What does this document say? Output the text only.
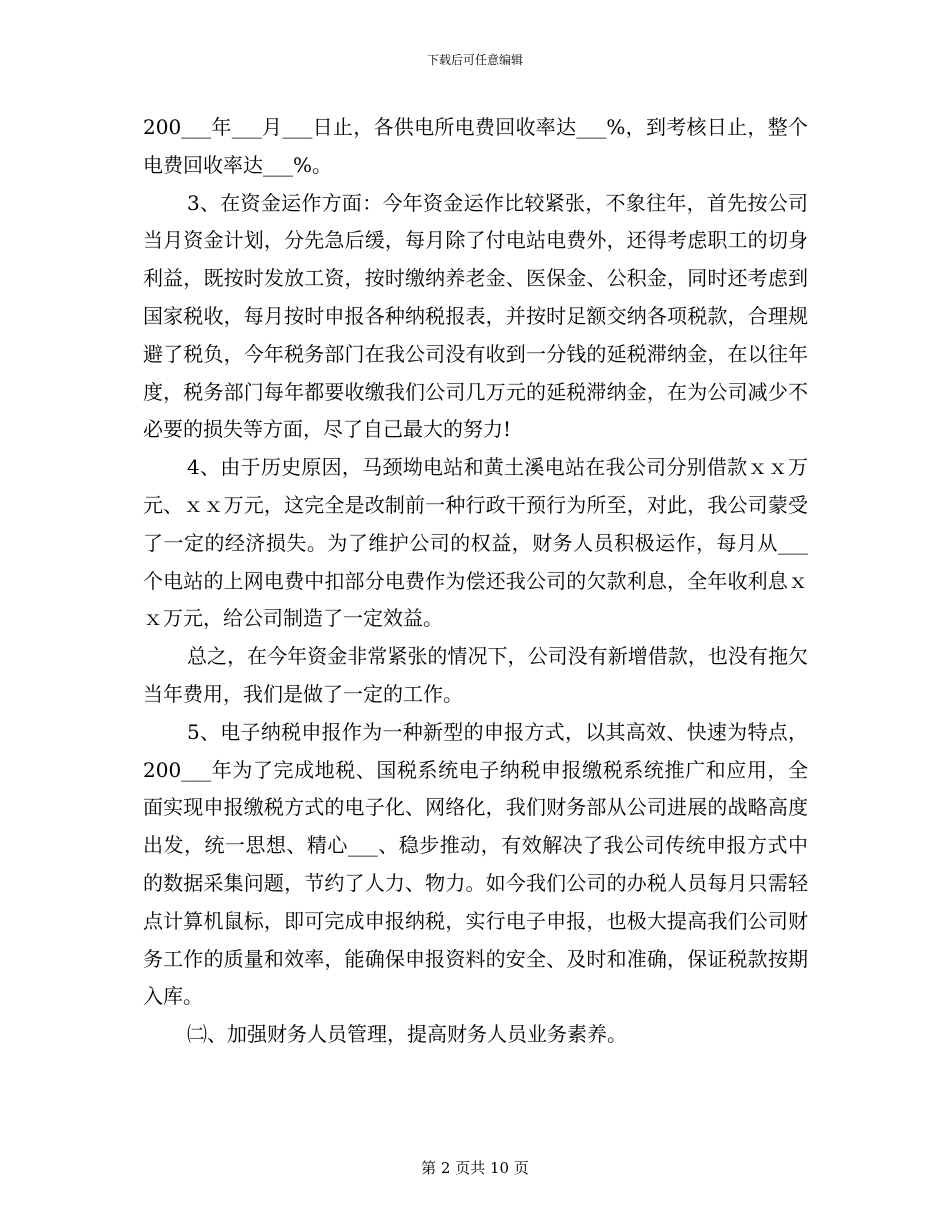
下载后可任意编辑

200___年___月___日止，各供电所电费回收率达___%，到考核日止，整个电费回收率达___%。

3、在资金运作方面：今年资金运作比较紧张，不象往年，首先按公司当月资金计划，分先急后缓，每月除了付电站电费外，还得考虑职工的切身利益，既按时发放工资，按时缴纳养老金、医保金、公积金，同时还考虑到国家税收，每月按时申报各种纳税报表，并按时足额交纳各项税款，合理规避了税负，今年税务部门在我公司没有收到一分钱的延税滞纳金，在以往年度，税务部门每年都要收缴我们公司几万元的延税滞纳金，在为公司减少不必要的损失等方面，尽了自己最大的努力!

4、由于历史原因，马颈坳电站和黄土溪电站在我公司分别借款ｘｘ万元、ｘｘ万元，这完全是改制前一种行政干预行为所至，对此，我公司蒙受了一定的经济损失。为了维护公司的权益，财务人员积极运作，每月从___个电站的上网电费中扣部分电费作为偿还我公司的欠款利息，全年收利息ｘｘ万元，给公司制造了一定效益。

总之，在今年资金非常紧张的情况下，公司没有新增借款，也没有拖欠当年费用，我们是做了一定的工作。

5、电子纳税申报作为一种新型的申报方式，以其高效、快速为特点，200___年为了完成地税、国税系统电子纳税申报缴税系统推广和应用，全面实现申报缴税方式的电子化、网络化，我们财务部从公司进展的战略高度出发，统一思想、精心___、稳步推动，有效解决了我公司传统申报方式中的数据采集问题，节约了人力、物力。如今我们公司的办税人员每月只需轻点计算机鼠标，即可完成申报纳税，实行电子申报，也极大提高我们公司财务工作的质量和效率，能确保申报资料的安全、及时和准确，保证税款按期入库。

㈡、加强财务人员管理，提高财务人员业务素养。

第 2 页共 10 页
